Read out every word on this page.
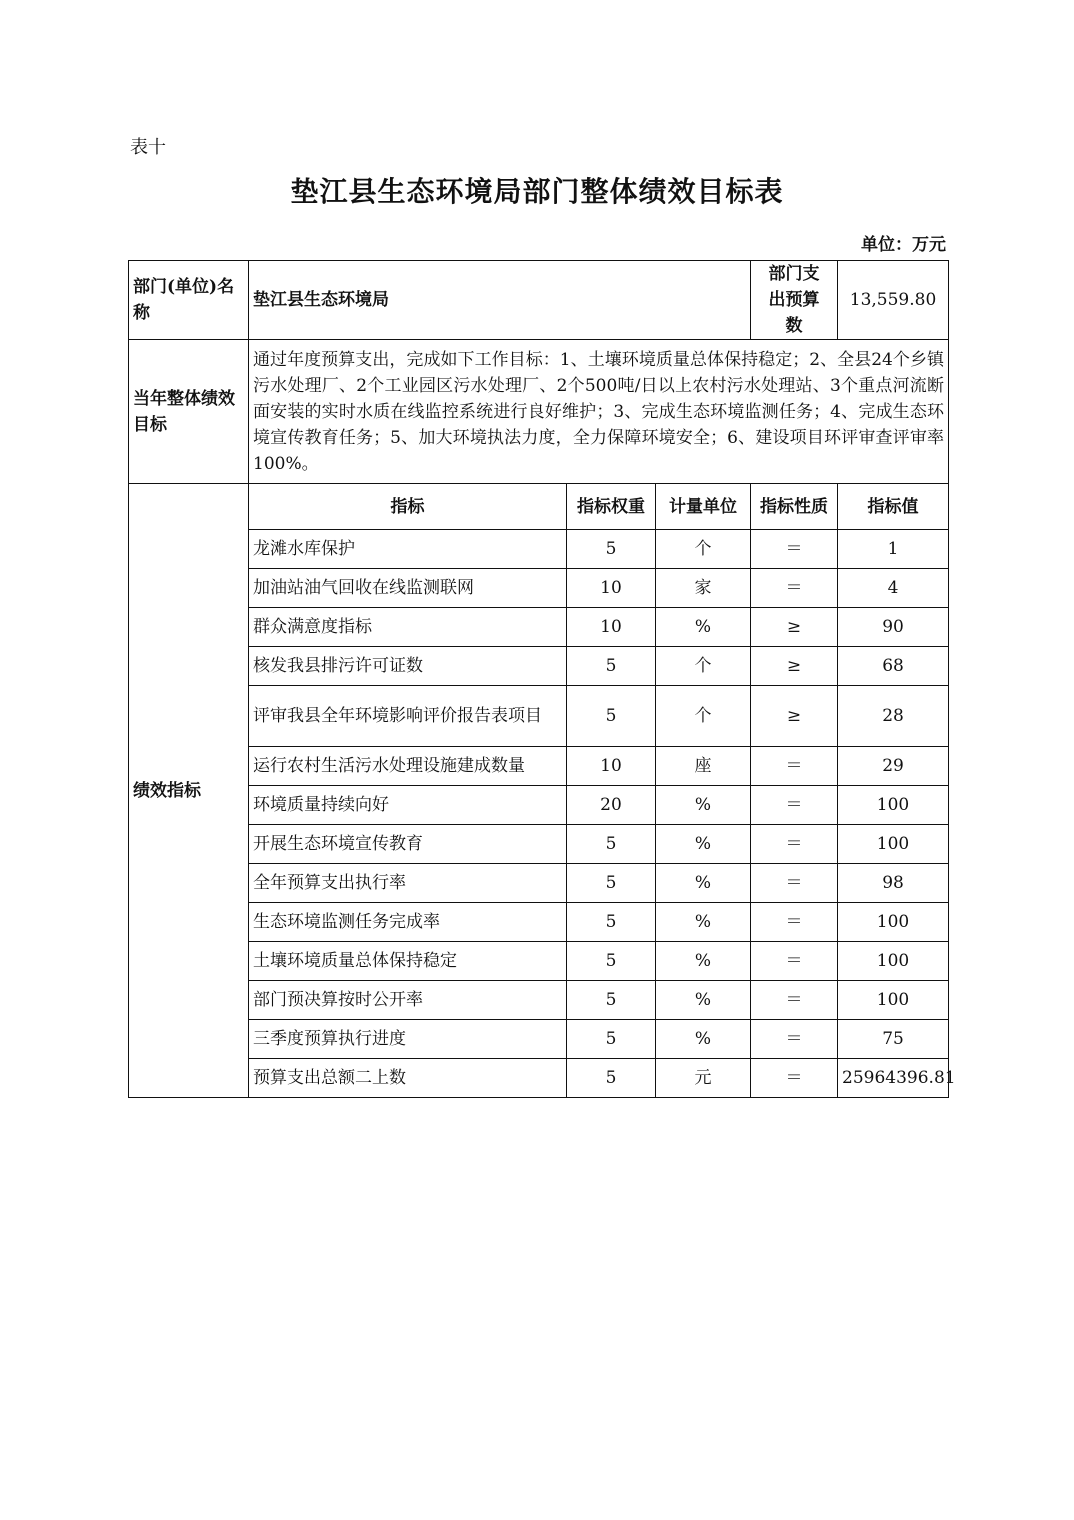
表十
垫江县生态环境局部门整体绩效目标表
单位：万元
部门(单位)名称	垫江县生态环境局			部门支出预算数	13,559.80
当年整体绩效目标	通过年度预算支出，完成如下工作目标：1、土壤环境质量总体保持稳定；2、全县24个乡镇污水处理厂、2个工业园区污水处理厂、2个500吨/日以上农村污水处理站、3个重点河流断面安装的实时水质在线监控系统进行良好维护；3、完成生态环境监测任务；4、完成生态环境宣传教育任务；5、加大环境执法力度，全力保障环境安全；6、建设项目环评审查评审率100%。				
绩效指标	指标	指标权重	计量单位	指标性质	指标值
	龙滩水库保护	5	个	＝	1
	加油站油气回收在线监测联网	10	家	＝	4
	群众满意度指标	10	%	≥	90
	核发我县排污许可证数	5	个	≥	68
	评审我县全年环境影响评价报告表项目	5	个	≥	28
	运行农村生活污水处理设施建成数量	10	座	＝	29
	环境质量持续向好	20	%	＝	100
	开展生态环境宣传教育	5	%	＝	100
	全年预算支出执行率	5	%	＝	98
	生态环境监测任务完成率	5	%	＝	100
	土壤环境质量总体保持稳定	5	%	＝	100
	部门预决算按时公开率	5	%	＝	100
	三季度预算执行进度	5	%	＝	75
	预算支出总额二上数	5	元	＝	25964396.81
